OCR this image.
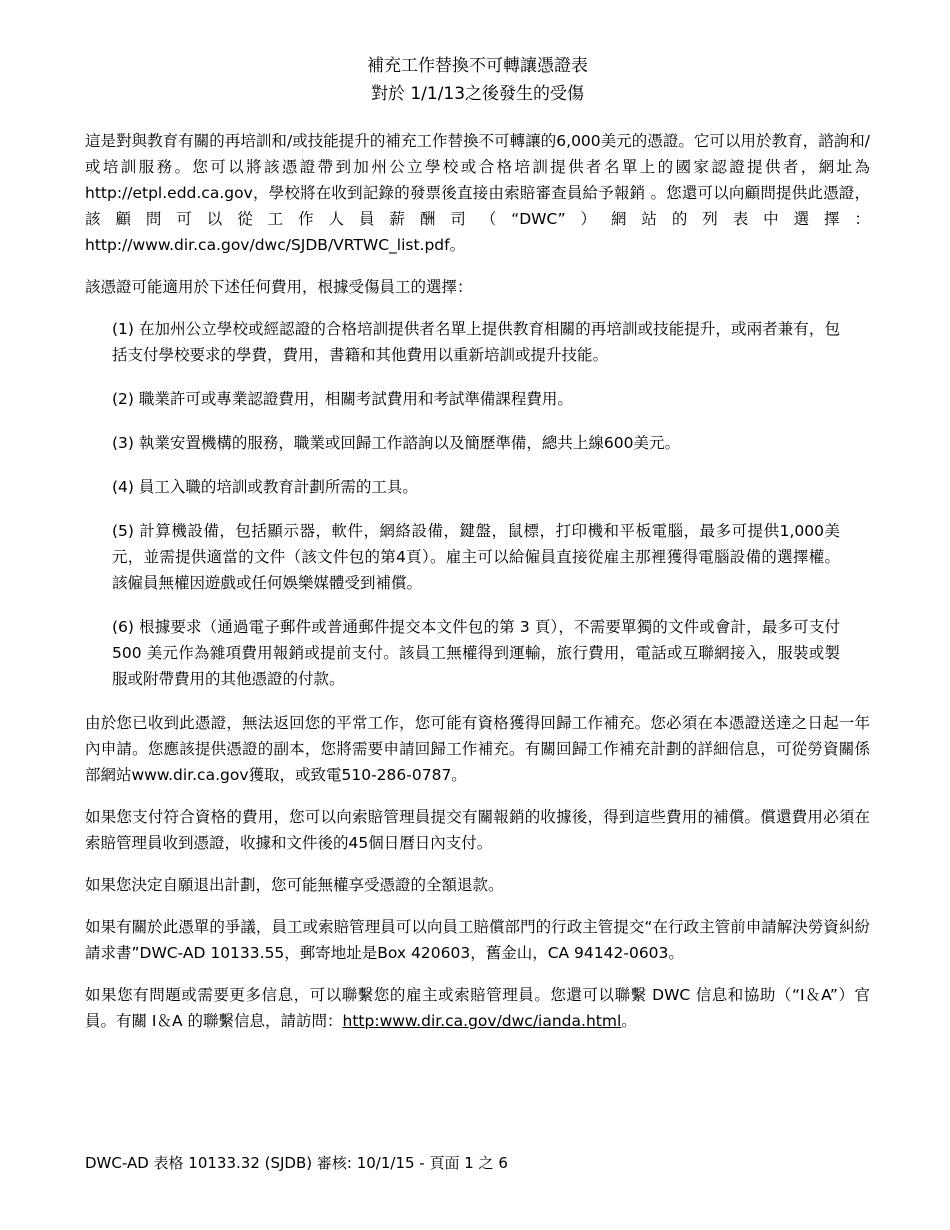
補充工作替換不可轉讓憑證表
對於 1/1/13之後發生的受傷

這是對與教育有關的再培訓和/或技能提升的補充工作替換不可轉讓的6,000美元的憑證。它可以用於教育，諮詢和/或培訓服務。您可以將該憑證帶到加州公立學校或合格培訓提供者名單上的國家認證提供者，網址為http://etpl.edd.ca.gov，學校將在收到記錄的發票後直接由索賠審查員給予報銷 。您還可以向顧問提供此憑證，該顧問可以從工作人員薪酬司（“DWC”）網站的列表中選擇：http://www.dir.ca.gov/dwc/SJDB/VRTWC_list.pdf。

該憑證可能適用於下述任何費用，根據受傷員工的選擇：

(1) 在加州公立學校或經認證的合格培訓提供者名單上提供教育相關的再培訓或技能提升，或兩者兼有，包括支付學校要求的學費，費用，書籍和其他費用以重新培訓或提升技能。
(2) 職業許可或專業認證費用，相關考試費用和考試準備課程費用。
(3) 執業安置機構的服務，職業或回歸工作諮詢以及簡歷準備，總共上線600美元。
(4) 員工入職的培訓或教育計劃所需的工具。
(5) 計算機設備，包括顯示器，軟件，網絡設備，鍵盤，鼠標，打印機和平板電腦，最多可提供1,000美元，並需提供適當的文件（該文件包的第4頁）。雇主可以給僱員直接從雇主那裡獲得電腦設備的選擇權。該僱員無權因遊戲或任何娛樂媒體受到補償。
(6) 根據要求（通過電子郵件或普通郵件提交本文件包的第 3 頁），不需要單獨的文件或會計，最多可支付 500 美元作為雜項費用報銷或提前支付。該員工無權得到運輸，旅行費用，電話或互聯網接入，服裝或製服或附帶費用的其他憑證的付款。

由於您已收到此憑證，無法返回您的平常工作，您可能有資格獲得回歸工作補充。您必須在本憑證送達之日起一年內申請。您應該提供憑證的副本，您將需要申請回歸工作補充。有關回歸工作補充計劃的詳細信息，可從勞資關係部網站www.dir.ca.gov獲取，或致電510-286-0787。

如果您支付符合資格的費用，您可以向索賠管理員提交有關報銷的收據後，得到這些費用的補償。償還費用必須在索賠管理員收到憑證，收據和文件後的45個日曆日內支付。

如果您決定自願退出計劃，您可能無權享受憑證的全額退款。

如果有關於此憑單的爭議，員工或索賠管理員可以向員工賠償部門的行政主管提交“在行政主管前申請解決勞資糾紛請求書”DWC-AD 10133.55，郵寄地址是Box 420603，舊金山，CA 94142-0603。

如果您有問題或需要更多信息，可以聯繫您的雇主或索賠管理員。您還可以聯繫 DWC 信息和協助（“I＆A”）官員。有關 I＆A 的聯繫信息，請訪問：http:www.dir.ca.gov/dwc/ianda.html。

DWC-AD 表格 10133.32 (SJDB) 審核: 10/1/15 - 頁面 1 之 6
